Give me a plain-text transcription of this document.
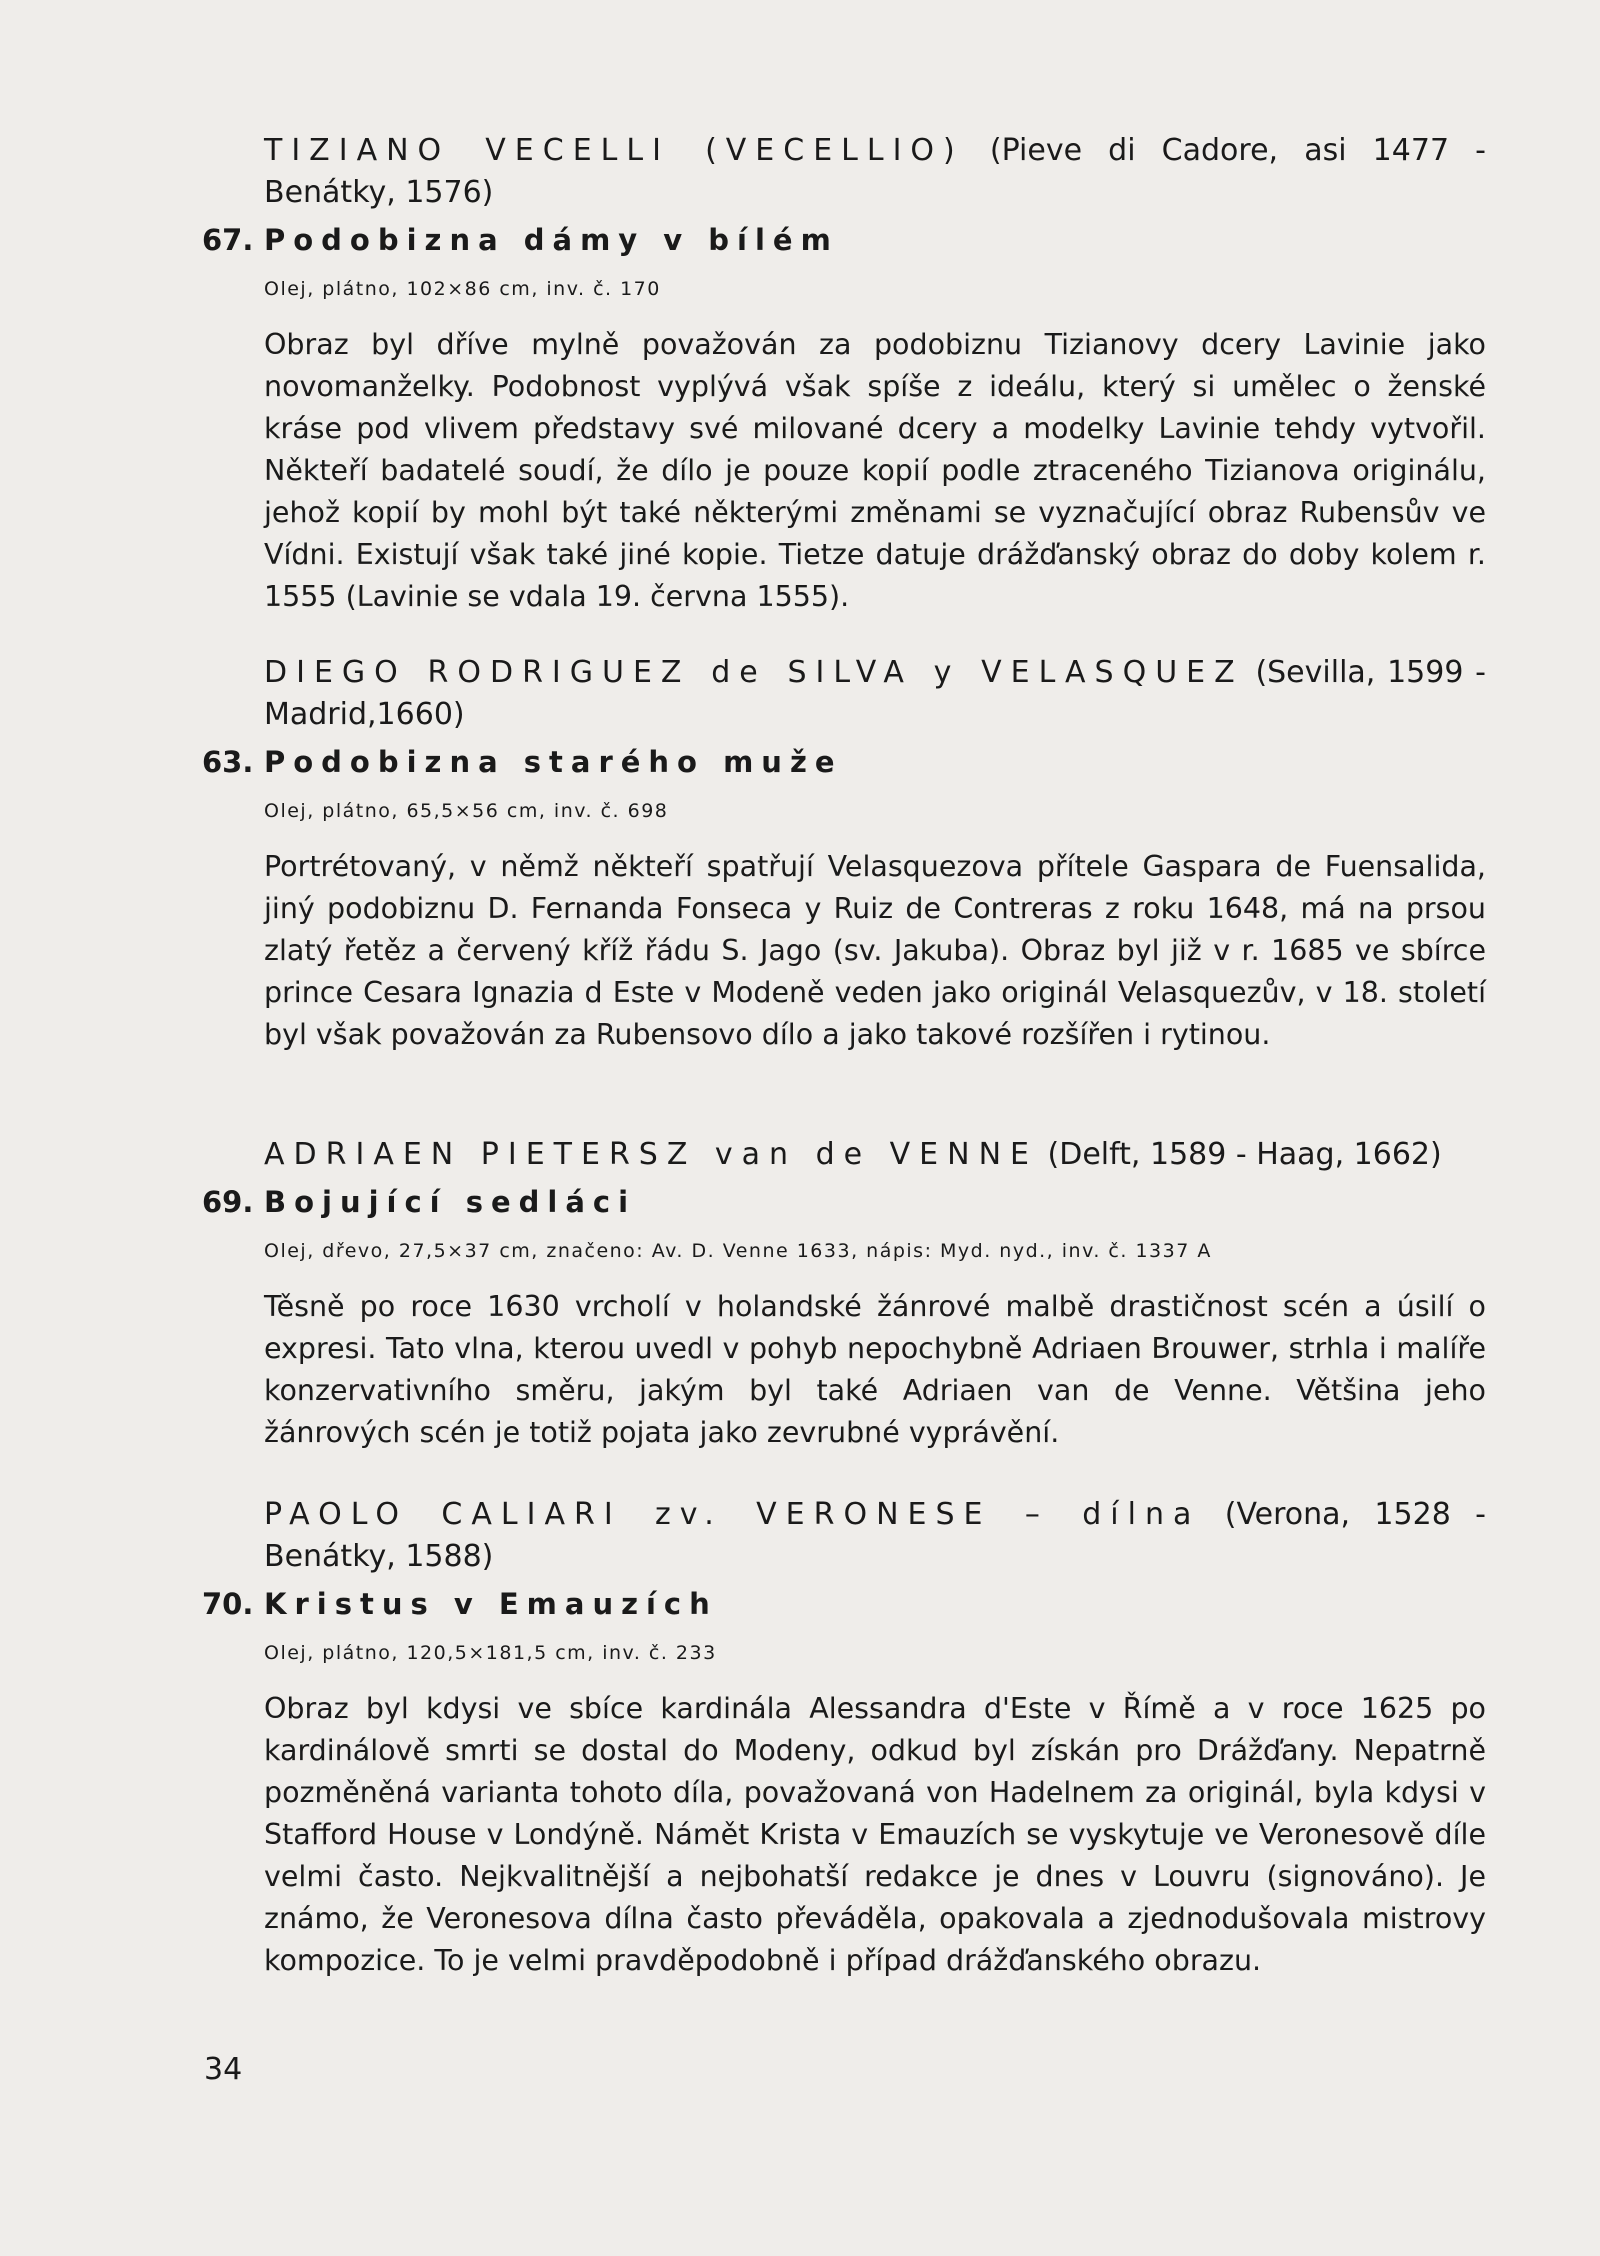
TIZIANO VECELLI (VECELLIO) (Pieve di Cadore, asi 1477 - Benátky, 1576)

67. Podobizna dámy v bílém
Olej, plátno, 102×86 cm, inv. č. 170

Obraz byl dříve mylně považován za podobiznu Tizianovy dcery Lavinie jako novomanželky. Podobnost vyplývá však spíše z ideálu, který si umělec o ženské kráse pod vlivem představy své milované dcery a modelky Lavinie tehdy vytvořil. Někteří badatelé soudí, že dílo je pouze kopií podle ztraceného Tizianova originálu, jehož kopií by mohl být také některými změnami se vyznačující obraz Rubensův ve Vídni. Existují však také jiné kopie. Tietze datuje drážďanský obraz do doby kolem r. 1555 (Lavinie se vdala 19. června 1555).

DIEGO RODRIGUEZ de SILVA y VELASQUEZ (Sevilla, 1599 - Madrid,1660)

63. Podobizna starého muže
Olej, plátno, 65,5×56 cm, inv. č. 698

Portrétovaný, v němž někteří spatřují Velasquezova přítele Gaspara de Fuensalida, jiný podobiznu D. Fernanda Fonseca y Ruiz de Contreras z roku 1648, má na prsou zlatý řetěz a červený kříž řádu S. Jago (sv. Jakuba). Obraz byl již v r. 1685 ve sbírce prince Cesara Ignazia d Este v Modeně veden jako originál Velasquezův, v 18. století byl však považován za Rubensovo dílo a jako takové rozšířen i rytinou.

ADRIAEN PIETERSZ van de VENNE (Delft, 1589 - Haag, 1662)

69. Bojující sedláci
Olej, dřevo, 27,5×37 cm, značeno: Av. D. Venne 1633, nápis: Myd. nyd., inv. č. 1337 A

Těsně po roce 1630 vrcholí v holandské žánrové malbě drastičnost scén a úsilí o expresi. Tato vlna, kterou uvedl v pohyb nepochybně Adriaen Brouwer, strhla i malíře konzervativního směru, jakým byl také Adriaen van de Venne. Většina jeho žánrových scén je totiž pojata jako zevrubné vyprávění.

PAOLO CALIARI zv. VERONESE – dílna (Verona, 1528 - Benátky, 1588)

70. Kristus v Emauzích
Olej, plátno, 120,5×181,5 cm, inv. č. 233

Obraz byl kdysi ve sbíce kardinála Alessandra d'Este v Římě a v roce 1625 po kardinálově smrti se dostal do Modeny, odkud byl získán pro Drážďany. Nepatrně pozměněná varianta tohoto díla, považovaná von Hadelnem za originál, byla kdysi v Stafford House v Londýně. Námět Krista v Emauzích se vyskytuje ve Veronesově díle velmi často. Nejkvalitnější a nejbohatší redakce je dnes v Louvru (signováno). Je známo, že Veronesova dílna často převáděla, opakovala a zjednodušovala mistrovy kompozice. To je velmi pravděpodobně i případ drážďanského obrazu.

34
